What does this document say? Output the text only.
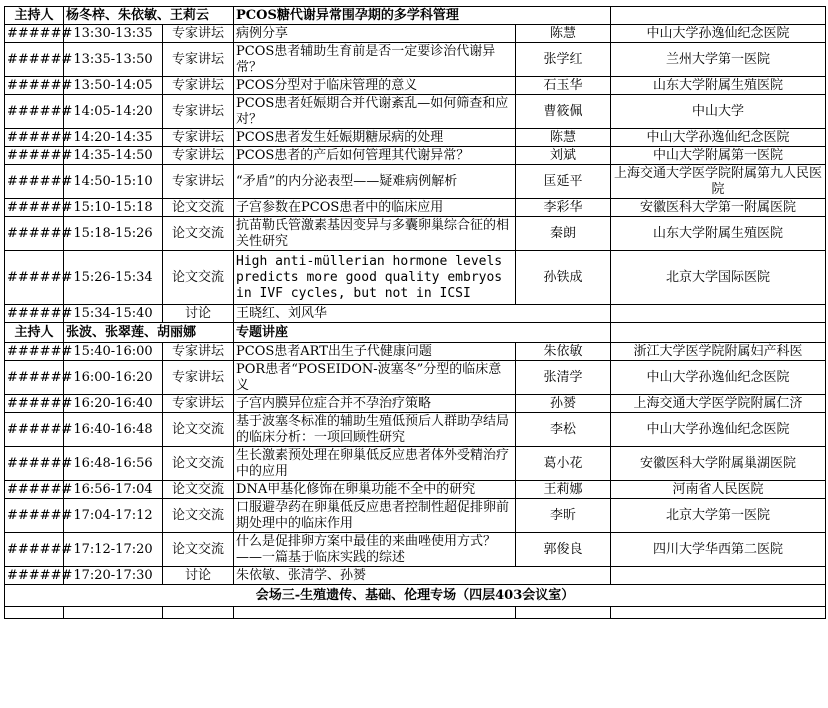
主持人	杨冬梓、朱依敏、王莉云		PCOS糖代谢异常围孕期的多学科管理		
######	13:30-13:35	专家讲坛	病例分享	陈慧	中山大学孙逸仙纪念医院
######	13:35-13:50	专家讲坛	PCOS患者辅助生育前是否一定要诊治代谢异常？	张学红	兰州大学第一医院
######	13:50-14:05	专家讲坛	PCOS分型对于临床管理的意义	石玉华	山东大学附属生殖医院
######	14:05-14:20	专家讲坛	PCOS患者妊娠期合并代谢紊乱—如何筛查和应对？	曹筱佩	中山大学
######	14:20-14:35	专家讲坛	PCOS患者发生妊娠期糖尿病的处理	陈慧	中山大学孙逸仙纪念医院
######	14:35-14:50	专家讲坛	PCOS患者的产后如何管理其代谢异常？	刘斌	中山大学附属第一医院
######	14:50-15:10	专家讲坛	“矛盾”的内分泌表型——疑难病例解析	匡延平	上海交通大学医学院附属第九人民医院
######	15:10-15:18	论文交流	子宫参数在PCOS患者中的临床应用	李彩华	安徽医科大学第一附属医院
######	15:18-15:26	论文交流	抗苗勒氏管激素基因变异与多囊卵巢综合征的相关性研究	秦朗	山东大学附属生殖医院
######	15:26-15:34	论文交流	High anti-müllerian hormone levels predicts more good quality embryos in IVF cycles, but not in ICSI	孙铁成	北京大学国际医院
######	15:34-15:40	讨论	王晓红、刘风华		
主持人	张波、张翠莲、胡丽娜		专题讲座		
######	15:40-16:00	专家讲坛	PCOS患者ART出生子代健康问题	朱依敏	浙江大学医学院附属妇产科医
######	16:00-16:20	专家讲坛	POR患者“POSEIDON-波塞冬”分型的临床意义	张清学	中山大学孙逸仙纪念医院
######	16:20-16:40	专家讲坛	子宫内膜异位症合并不孕治疗策略	孙赟	上海交通大学医学院附属仁济
######	16:40-16:48	论文交流	基于波塞冬标准的辅助生殖低预后人群助孕结局的临床分析：一项回顾性研究	李松	中山大学孙逸仙纪念医院
######	16:48-16:56	论文交流	生长激素预处理在卵巢低反应患者体外受精治疗中的应用	葛小花	安徽医科大学附属巢湖医院
######	16:56-17:04	论文交流	DNA甲基化修饰在卵巢功能不全中的研究	王莉娜	河南省人民医院
######	17:04-17:12	论文交流	口服避孕药在卵巢低反应患者控制性超促排卵前期处理中的临床作用	李昕	北京大学第一医院
######	17:12-17:20	论文交流	什么是促排卵方案中最佳的来曲唑使用方式？ ——一篇基于临床实践的综述	郭俊良	四川大学华西第二医院
######	17:20-17:30	讨论	朱依敏、张清学、孙赟		
会场三-生殖遗传、基础、伦理专场（四层403会议室）					
